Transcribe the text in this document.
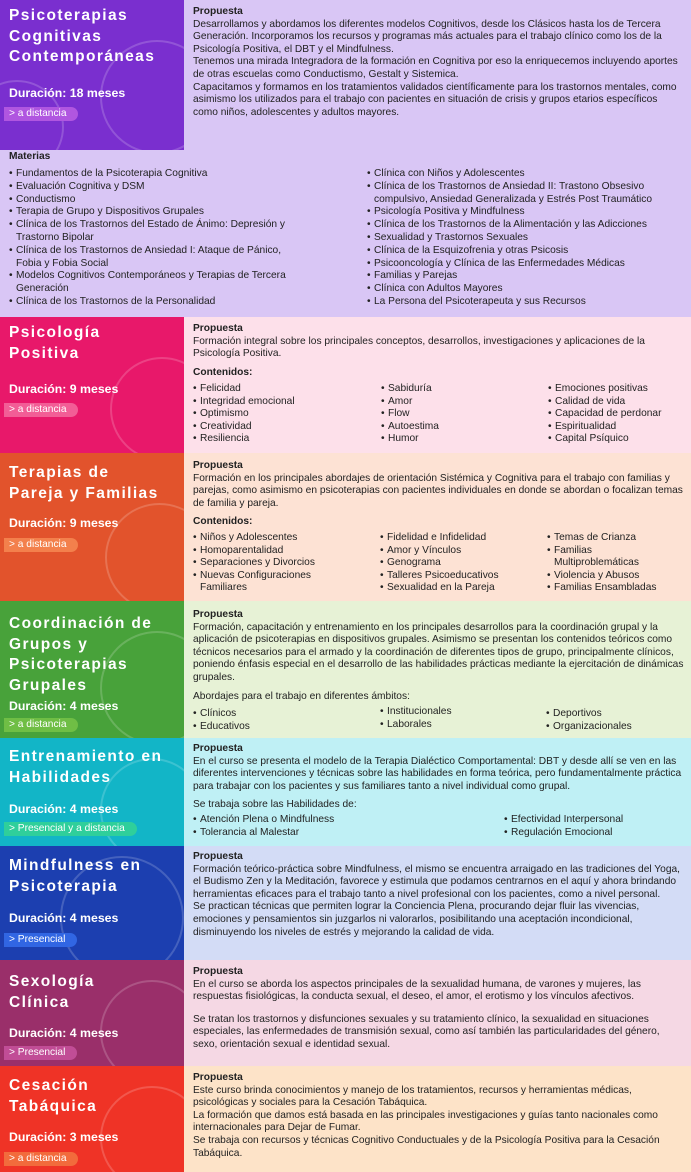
Psicoterapias
Cognitivas
Contemporáneas
Duración: 18 meses
> a distancia
Propuesta

Desarrollamos y abordamos los diferentes modelos Cognitivos, desde los Clásicos hasta los de Tercera Generación. Incorporamos los recursos y programas más actuales para el trabajo clínico como los de la Psicología Positiva, el DBT y el Mindfulness.

Tenemos una mirada Integradora de la formación en Cognitiva por eso la enriquecemos incluyendo aportes de otras escuelas como Conductismo, Gestalt y Sistemica.

Capacitamos y formamos en los tratamientos validados científicamente para los trastornos mentales, como asimismo los utilizados para el trabajo con pacientes en situación de crisis y grupos etarios específicos como niños, adolescentes y adultos mayores.

Materias
• Fundamentos de la Psicoterapia Cognitiva
• Evaluación Cognitiva y DSM
• Conductismo
• Terapia de Grupo y Dispositivos Grupales
• Clínica de los Trastornos del Estado de Ánimo: Depresión y Trastorno Bipolar
• Clínica de los Trastornos de Ansiedad I: Ataque de Pánico, Fobia y Fobia Social
• Modelos Cognitivos Contemporáneos y Terapias de Tercera Generación
• Clínica de los Trastornos de la Personalidad
• Clínica con Niños y Adolescentes
• Clínica de los Trastornos de Ansiedad II: Trastono Obsesivo compulsivo, Ansiedad Generalizada y Estrés Post Traumático
• Psicología Positiva y Mindfulness
• Clínica de los Trastornos de la Alimentación y las Adicciones
• Sexualidad y Trastornos Sexuales
• Clínica de la Esquizofrenia y otras Psicosis
• Psicooncología y Clínica de las Enfermedades Médicas
• Familias y Parejas
• Clínica con Adultos Mayores
• La Persona del Psicoterapeuta y sus Recursos
Psicología
Positiva
Duración: 9 meses
> a distancia
Propuesta

Formación integral sobre los principales conceptos, desarrollos, investigaciones y aplicaciones de la Psicología Positiva.

Contenidos:
• Felicidad
• Integridad emocional
• Optimismo
• Creatividad
• Resiliencia
• Sabiduría
• Amor
• Flow
• Autoestima
• Humor
• Emociones positivas
• Calidad de vida
• Capacidad de perdonar
• Espiritualidad
• Capital Psíquico
Terapias de
Pareja y Familias
Duración: 9 meses
> a distancia
Propuesta

Formación en los principales abordajes de orientación Sistémica y Cognitiva para el trabajo con familias y parejas, como asimismo en psicoterapias con pacientes individuales en donde se abordan o focalizan temas de familia y pareja.

Contenidos:
• Niños y Adolescentes
• Homoparentalidad
• Separaciones y Divorcios
• Nuevas Configuraciones Familiares
• Fidelidad e Infidelidad
• Amor y Vínculos
• Genograma
• Talleres Psicoeducativos
• Sexualidad en la Pareja
• Temas de Crianza
• Familias Multiproblemáticas
• Violencia y Abusos
• Familias Ensambladas
Coordinación de
Grupos y
Psicoterapias
Grupales
Duración: 4 meses
> a distancia
Propuesta

Formación, capacitación y entrenamiento en los principales desarrollos para la coordinación grupal y la aplicación de psicoterapias en dispositivos grupales. Asimismo se presentan los contenidos teóricos como técnicos necesarios para el armado y la coordinación de diferentes tipos de grupo, principalmente clínicos, poniendo énfasis especial en el desarrollo de las habilidades prácticas mediante la ejercitación de dinámicas grupales.

Abordajes para el trabajo en diferentes ámbitos:

• Clínicos
• Educativos
• Institucionales
• Laborales
• Deportivos
• Organizacionales
Entrenamiento en
Habilidades
Duración: 4 meses
> Presencial y a distancia
Propuesta

En el curso se presenta el modelo de la Terapia Dialéctico Comportamental: DBT y desde allí se ven en las diferentes intervenciones y técnicas sobre las habilidades en forma teórica, pero fundamentalmente práctica para trabajar con los pacientes y sus familiares tanto a nivel individual como grupal.

Se trabaja sobre las Habilidades de:

• Atención Plena o Mindfulness
• Tolerancia al Malestar
• Efectividad Interpersonal
• Regulación Emocional
Mindfulness en
Psicoterapia
Duración: 4 meses
> Presencial
Propuesta

Formación teórico-práctica sobre Mindfulness, el mismo se encuentra arraigado en las tradiciones del Yoga, el Budismo Zen y la Meditación, favorece y estimula que podamos centrarnos en el aquí y ahora brindando herramientas eficaces para el trabajo tanto a nivel profesional con los pacientes, como a nivel personal.

Se practican técnicas que permiten lograr la Conciencia Plena, procurando dejar fluir las vivencias, emociones y pensamientos sin juzgarlos ni valorarlos, posibilitando una aceptación incondicional, disminuyendo los niveles de estrés y mejorando la calidad de vida.

Sexología
Clínica
Duración: 4 meses
> Presencial
Propuesta

En el curso se aborda los aspectos principales de la sexualidad humana, de varones y mujeres, las respuestas fisiológicas, la conducta sexual, el deseo, el amor, el erotismo y los vínculos afectivos.

Se tratan los trastornos y disfunciones sexuales y su tratamiento clínico, la sexualidad en situaciones especiales, las enfermedades de transmisión sexual, como así también las particularidades del género, sexo, orientación sexual e identidad sexual.

Cesación
Tabáquica
Duración: 3 meses
> a distancia
Propuesta

Este curso brinda conocimientos y manejo de los tratamientos, recursos y herramientas médicas, psicológicas y sociales para la Cesación Tabáquica.

La formación que damos está basada en las principales investigaciones y guías tanto nacionales como internacionales para Dejar de Fumar.

Se trabaja con recursos y técnicas Cognitivo Conductuales y de la Psicología Positiva para la Cesación Tabáquica.
